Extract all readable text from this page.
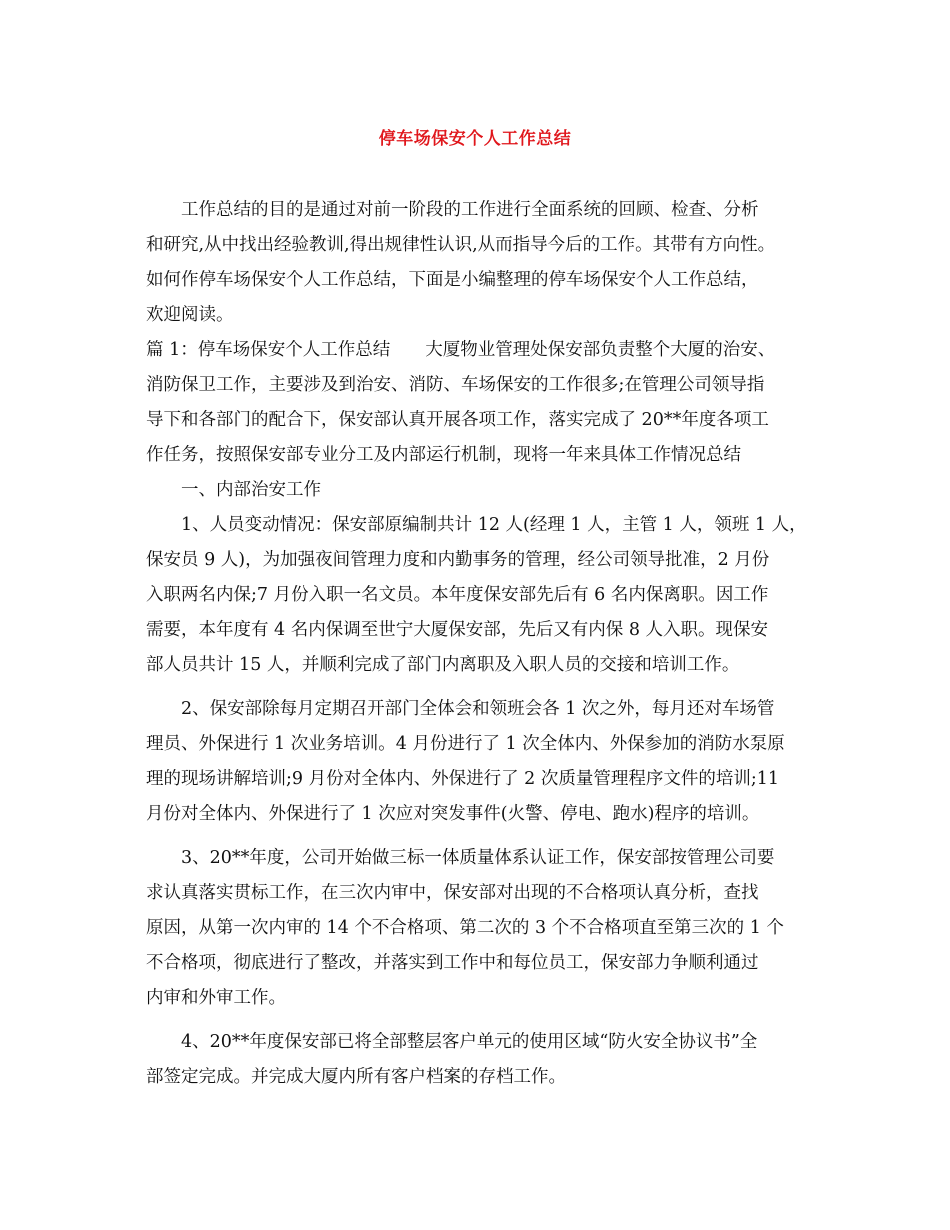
停车场保安个人工作总结
工作总结的目的是通过对前一阶段的工作进行全面系统的回顾、检查、分析
和研究,从中找出经验教训,得出规律性认识,从而指导今后的工作。其带有方向性。
如何作停车场保安个人工作总结，下面是小编整理的停车场保安个人工作总结，
欢迎阅读。
篇 1：停车场保安个人工作总结　　大厦物业管理处保安部负责整个大厦的治安、
消防保卫工作，主要涉及到治安、消防、车场保安的工作很多;在管理公司领导指
导下和各部门的配合下，保安部认真开展各项工作，落实完成了 20**年度各项工
作任务，按照保安部专业分工及内部运行机制，现将一年来具体工作情况总结
一、内部治安工作
1、人员变动情况：保安部原编制共计 12 人(经理 1 人，主管 1 人，领班 1 人，
保安员 9 人)，为加强夜间管理力度和内勤事务的管理，经公司领导批准，2 月份
入职两名内保;7 月份入职一名文员。本年度保安部先后有 6 名内保离职。因工作
需要，本年度有 4 名内保调至世宁大厦保安部，先后又有内保 8 人入职。现保安
部人员共计 15 人，并顺利完成了部门内离职及入职人员的交接和培训工作。
2、保安部除每月定期召开部门全体会和领班会各 1 次之外，每月还对车场管
理员、外保进行 1 次业务培训。4 月份进行了 1 次全体内、外保参加的消防水泵原
理的现场讲解培训;9 月份对全体内、外保进行了 2 次质量管理程序文件的培训;11
月份对全体内、外保进行了 1 次应对突发事件(火警、停电、跑水)程序的培训。
3、20**年度，公司开始做三标一体质量体系认证工作，保安部按管理公司要
求认真落实贯标工作，在三次内审中，保安部对出现的不合格项认真分析，查找
原因，从第一次内审的 14 个不合格项、第二次的 3 个不合格项直至第三次的 1 个
不合格项，彻底进行了整改，并落实到工作中和每位员工，保安部力争顺利通过
内审和外审工作。
4、20**年度保安部已将全部整层客户单元的使用区域“防火安全协议书”全
部签定完成。并完成大厦内所有客户档案的存档工作。
